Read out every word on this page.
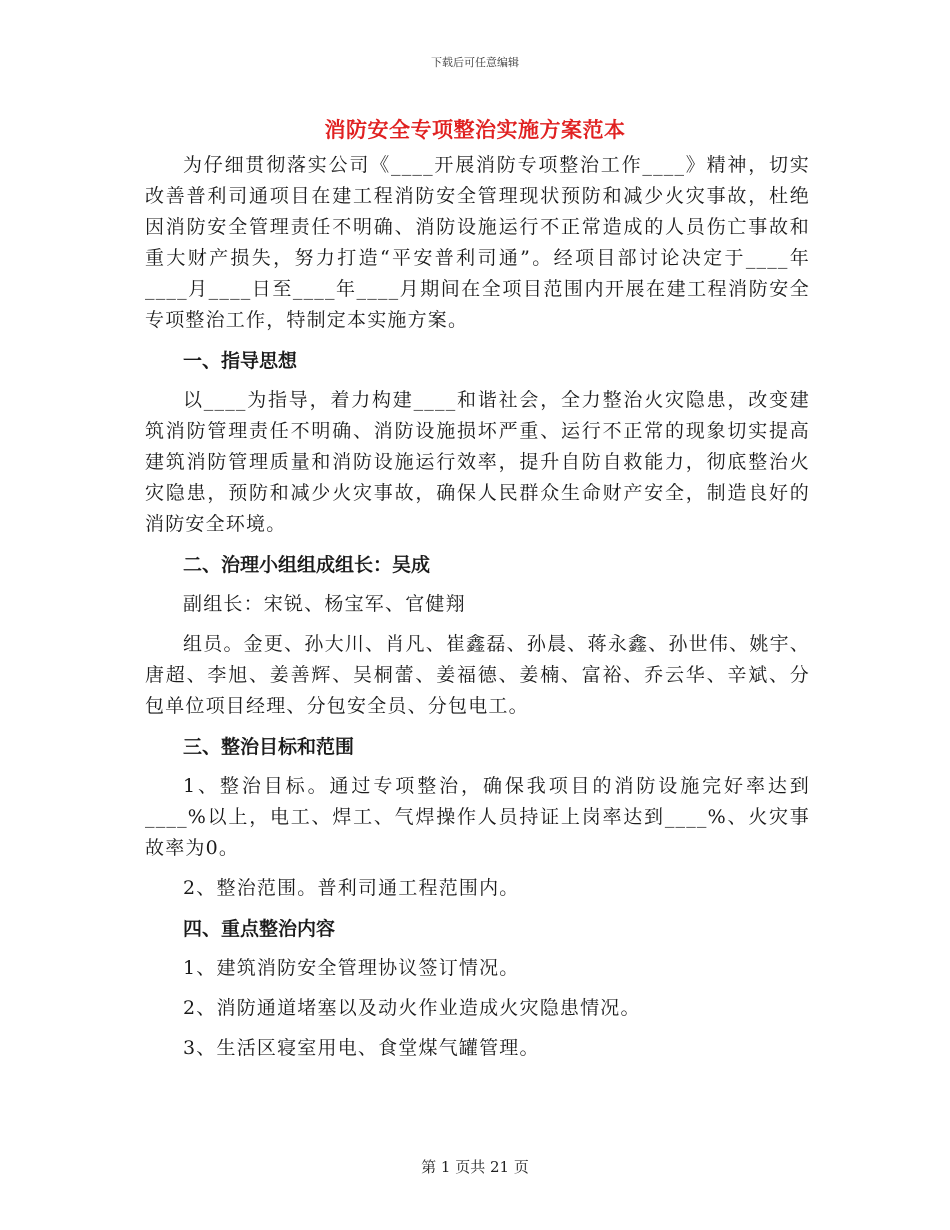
下载后可任意编辑
消防安全专项整治实施方案范本

为仔细贯彻落实公司《____开展消防专项整治工作____》精神，切实改善普利司通项目在建工程消防安全管理现状预防和减少火灾事故，杜绝因消防安全管理责任不明确、消防设施运行不正常造成的人员伤亡事故和重大财产损失，努力打造“平安普利司通”。经项目部讨论决定于____年____月____日至____年____月期间在全项目范围内开展在建工程消防安全专项整治工作，特制定本实施方案。

一、指导思想

以____为指导，着力构建____和谐社会，全力整治火灾隐患，改变建筑消防管理责任不明确、消防设施损坏严重、运行不正常的现象切实提高建筑消防管理质量和消防设施运行效率，提升自防自救能力，彻底整治火灾隐患，预防和减少火灾事故，确保人民群众生命财产安全，制造良好的消防安全环境。

二、治理小组组成组长：吴成

副组长：宋锐、杨宝军、官健翔

组员。金更、孙大川、肖凡、崔鑫磊、孙晨、蒋永鑫、孙世伟、姚宇、唐超、李旭、姜善辉、吴桐蕾、姜福德、姜楠、富裕、乔云华、辛斌、分包单位项目经理、分包安全员、分包电工。

三、整治目标和范围

1、整治目标。通过专项整治，确保我项目的消防设施完好率达到____%以上，电工、焊工、气焊操作人员持证上岗率达到____%、火灾事故率为0。

2、整治范围。普利司通工程范围内。

四、重点整治内容

1、建筑消防安全管理协议签订情况。

2、消防通道堵塞以及动火作业造成火灾隐患情况。

3、生活区寝室用电、食堂煤气罐管理。

第 1 页共 21 页
